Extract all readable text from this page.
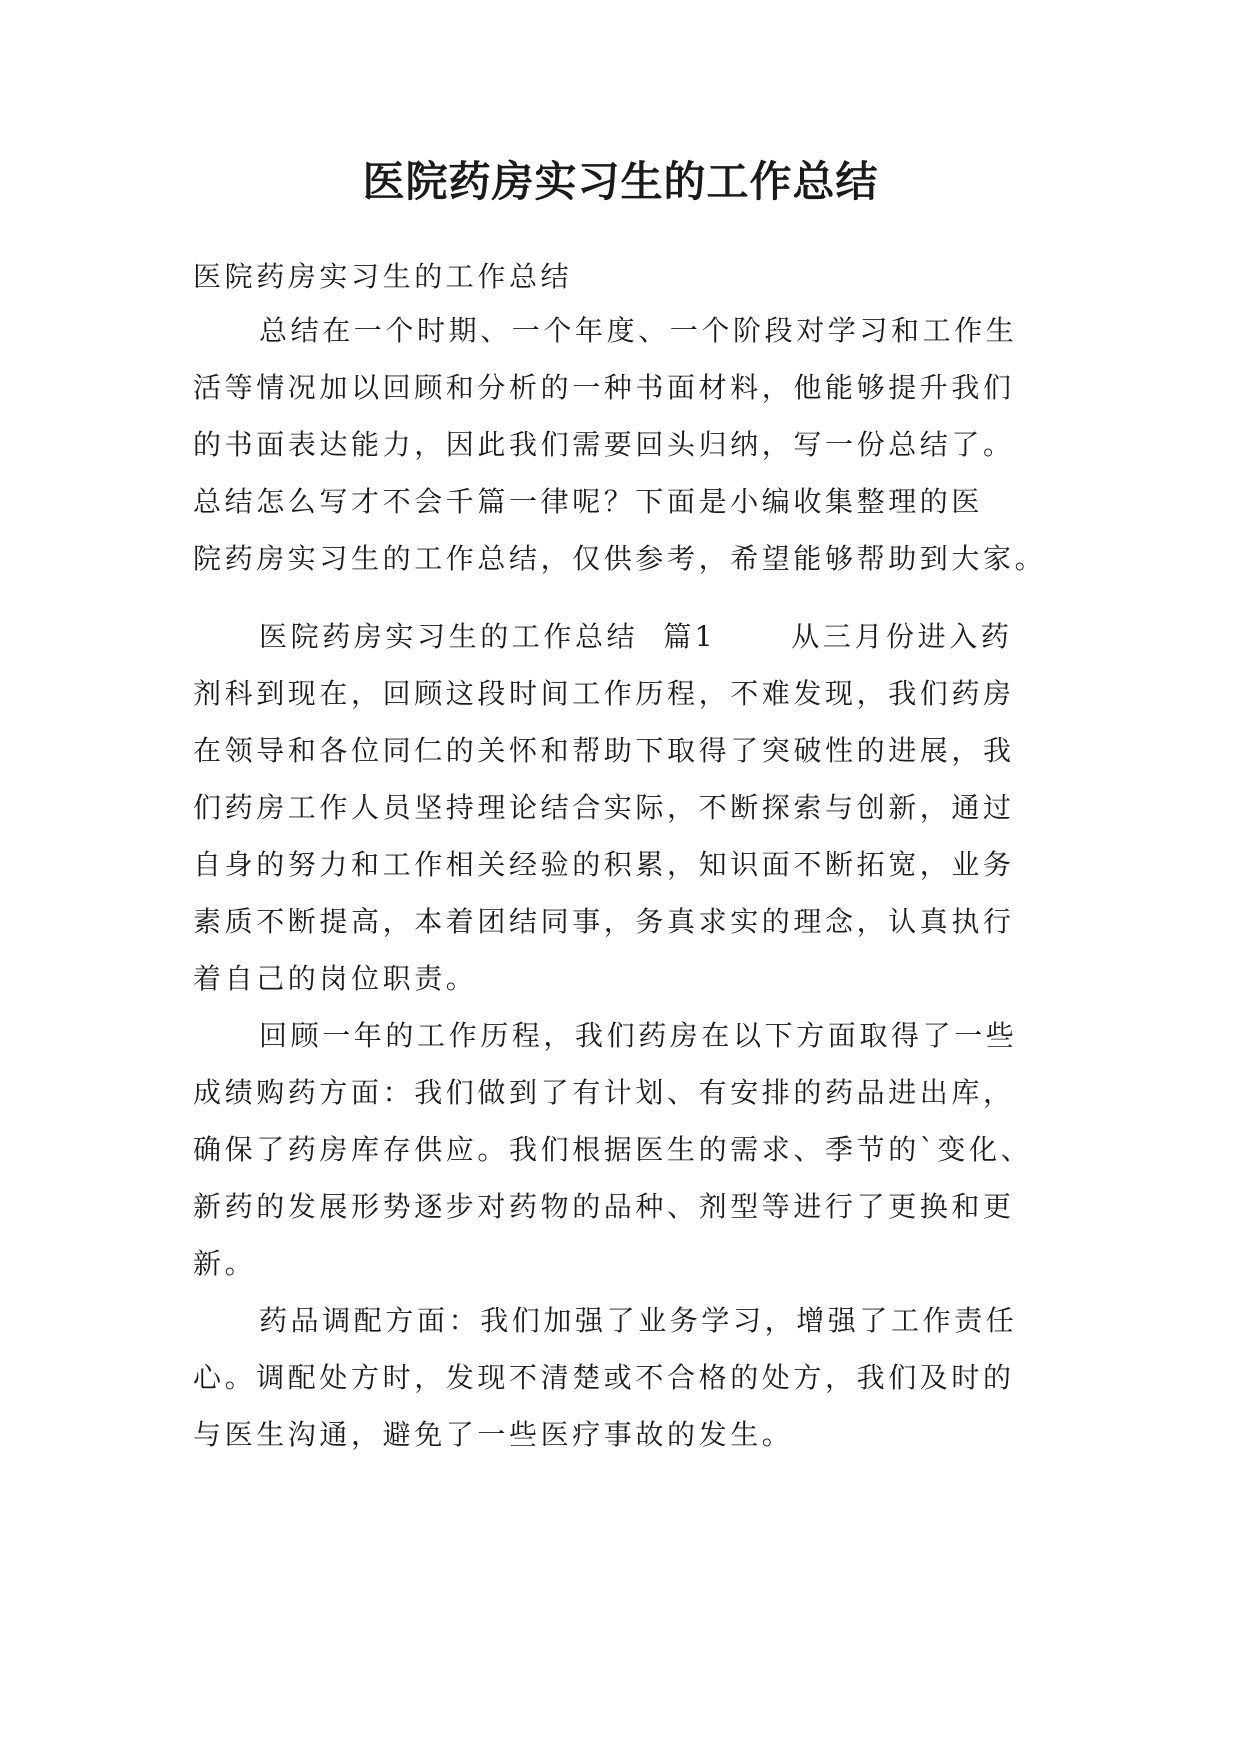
医院药房实习生的工作总结

医院药房实习生的工作总结

总结在一个时期、一个年度、一个阶段对学习和工作生

活等情况加以回顾和分析的一种书面材料，他能够提升我们

的书面表达能力，因此我们需要回头归纳，写一份总结了。

总结怎么写才不会千篇一律呢？下面是小编收集整理的医

院药房实习生的工作总结，仅供参考，希望能够帮助到大家。

医院药房实习生的工作总结  篇1      从三月份进入药

剂科到现在，回顾这段时间工作历程，不难发现，我们药房

在领导和各位同仁的关怀和帮助下取得了突破性的进展，我

们药房工作人员坚持理论结合实际，不断探索与创新，通过

自身的努力和工作相关经验的积累，知识面不断拓宽，业务

素质不断提高，本着团结同事，务真求实的理念，认真执行

着自己的岗位职责。

回顾一年的工作历程，我们药房在以下方面取得了一些

成绩购药方面：我们做到了有计划、有安排的药品进出库，

确保了药房库存供应。我们根据医生的需求、季节的`变化、

新药的发展形势逐步对药物的品种、剂型等进行了更换和更

新。

药品调配方面：我们加强了业务学习，增强了工作责任

心。调配处方时，发现不清楚或不合格的处方，我们及时的

与医生沟通，避免了一些医疗事故的发生。
